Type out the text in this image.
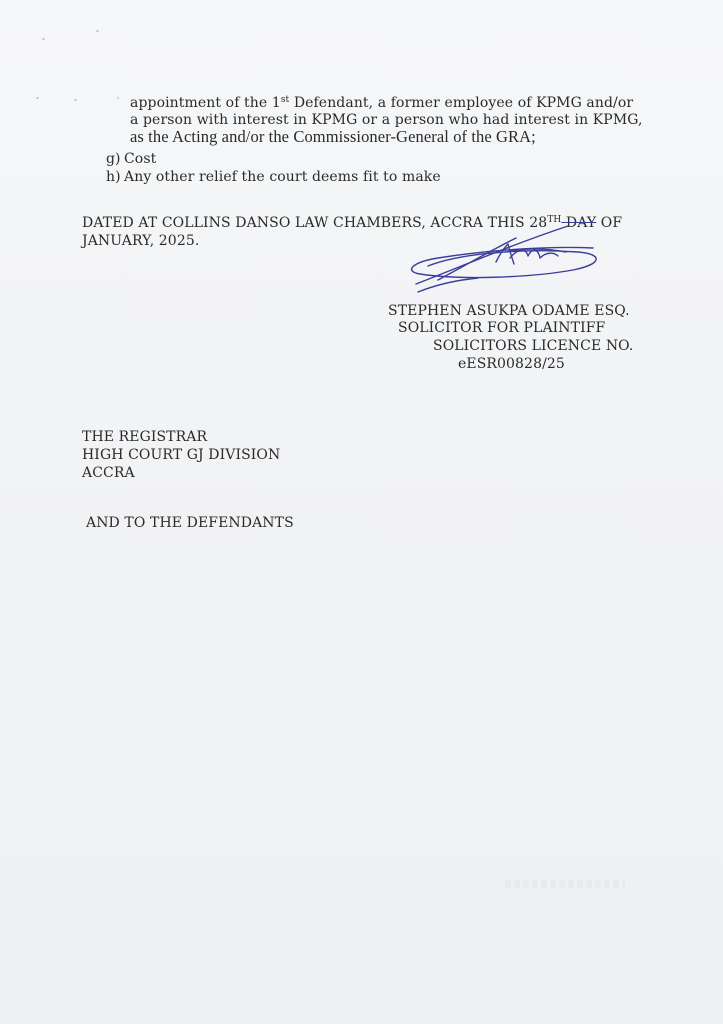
appointment of the 1st Defendant, a former employee of KPMG and/or
a person with interest in KPMG or a person who had interest in KPMG,
as the Acting and/or the Commissioner-General of the GRA;
g) Cost
h) Any other relief the court deems fit to make
DATED AT COLLINS DANSO LAW CHAMBERS, ACCRA THIS 28TH DAY OF
JANUARY, 2025.
STEPHEN ASUKPA ODAME ESQ.
SOLICITOR FOR PLAINTIFF
SOLICITORS LICENCE NO.
eESR00828/25
THE REGISTRAR
HIGH COURT GJ DIVISION
ACCRA
AND TO THE DEFENDANTS
